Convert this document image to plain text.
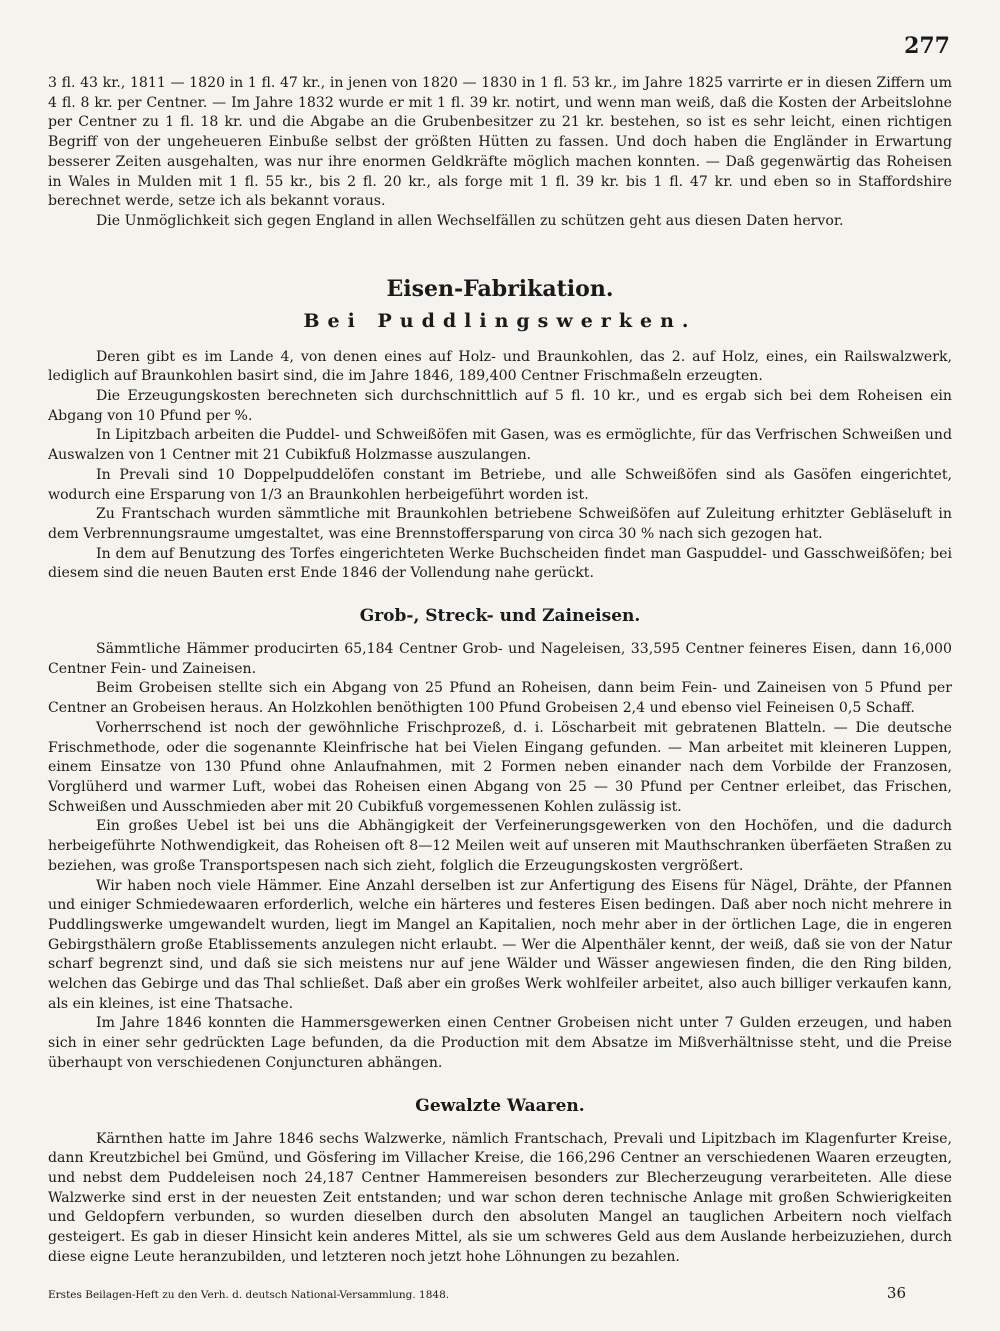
277

3 fl. 43 kr., 1811 — 1820 in 1 fl. 47 kr., in jenen von 1820 — 1830 in 1 fl. 53 kr., im Jahre 1825 varrirte er in diesen Ziffern um 4 fl. 8 kr. per Centner. — Im Jahre 1832 wurde er mit 1 fl. 39 kr. notirt, und wenn man weiß, daß die Kosten der Arbeitslohne per Centner zu 1 fl. 18 kr. und die Abgabe an die Grubenbesitzer zu 21 kr. bestehen, so ist es sehr leicht, einen richtigen Begriff von der ungeheueren Einbuße selbst der größten Hütten zu fassen. Und doch haben die Engländer in Erwartung besserer Zeiten ausgehalten, was nur ihre enormen Geldkräfte möglich machen konnten. — Daß gegenwärtig das Roheisen in Wales in Mulden mit 1 fl. 55 kr., bis 2 fl. 20 kr., als forge mit 1 fl. 39 kr. bis 1 fl. 47 kr. und eben so in Staffordshire berechnet werde, setze ich als bekannt voraus.

Die Unmöglichkeit sich gegen England in allen Wechselfällen zu schützen geht aus diesen Daten hervor.

Eisen-Fabrikation.
Bei Puddlingswerken.

Deren gibt es im Lande 4, von denen eines auf Holz- und Braunkohlen, das 2. auf Holz, eines, ein Railswalzwerk, lediglich auf Braunkohlen basirt sind, die im Jahre 1846, 189,400 Centner Frischmaßeln erzeugten.

Die Erzeugungskosten berechneten sich durchschnittlich auf 5 fl. 10 kr., und es ergab sich bei dem Roheisen ein Abgang von 10 Pfund per %.

In Lipitzbach arbeiten die Puddel- und Schweißöfen mit Gasen, was es ermöglichte, für das Verfrischen Schweißen und Auswalzen von 1 Centner mit 21 Cubikfuß Holzmasse auszulangen.

In Prevali sind 10 Doppelpuddelöfen constant im Betriebe, und alle Schweißöfen sind als Gasöfen eingerichtet, wodurch eine Ersparung von 1/3 an Braunkohlen herbeigeführt worden ist.

Zu Frantschach wurden sämmtliche mit Braunkohlen betriebene Schweißöfen auf Zuleitung erhitzter Gebläseluft in dem Verbrennungsraume umgestaltet, was eine Brennstoffersparung von circa 30 % nach sich gezogen hat.

In dem auf Benutzung des Torfes eingerichteten Werke Buchscheiden findet man Gaspuddel- und Gasschweißöfen; bei diesem sind die neuen Bauten erst Ende 1846 der Vollendung nahe gerückt.

Grob-, Streck- und Zaineisen.

Sämmtliche Hämmer producirten 65,184 Centner Grob- und Nageleisen, 33,595 Centner feineres Eisen, dann 16,000 Centner Fein- und Zaineisen.

Beim Grobeisen stellte sich ein Abgang von 25 Pfund an Roheisen, dann beim Fein- und Zaineisen von 5 Pfund per Centner an Grobeisen heraus. An Holzkohlen benöthigten 100 Pfund Grobeisen 2,4 und ebenso viel Feineisen 0,5 Schaff.

Vorherrschend ist noch der gewöhnliche Frischprozeß, d. i. Löscharbeit mit gebratenen Blatteln. — Die deutsche Frischmethode, oder die sogenannte Kleinfrische hat bei Vielen Eingang gefunden. — Man arbeitet mit kleineren Luppen, einem Einsatze von 130 Pfund ohne Anlaufnahmen, mit 2 Formen neben einander nach dem Vorbilde der Franzosen, Vorglüherd und warmer Luft, wobei das Roheisen einen Abgang von 25 — 30 Pfund per Centner erleibet, das Frischen, Schweißen und Ausschmieden aber mit 20 Cubikfuß vorgemessenen Kohlen zulässig ist.

Ein großes Uebel ist bei uns die Abhängigkeit der Verfeinerungsgewerken von den Hochöfen, und die dadurch herbeigeführte Nothwendigkeit, das Roheisen oft 8—12 Meilen weit auf unseren mit Mauthschranken überfäeten Straßen zu beziehen, was große Transportspesen nach sich zieht, folglich die Erzeugungskosten vergrößert.

Wir haben noch viele Hämmer. Eine Anzahl derselben ist zur Anfertigung des Eisens für Nägel, Drähte, der Pfannen und einiger Schmiedewaaren erforderlich, welche ein härteres und festeres Eisen bedingen. Daß aber noch nicht mehrere in Puddlingswerke umgewandelt wurden, liegt im Mangel an Kapitalien, noch mehr aber in der örtlichen Lage, die in engeren Gebirgsthälern große Etablissements anzulegen nicht erlaubt. — Wer die Alpenthäler kennt, der weiß, daß sie von der Natur scharf begrenzt sind, und daß sie sich meistens nur auf jene Wälder und Wässer angewiesen finden, die den Ring bilden, welchen das Gebirge und das Thal schließet. Daß aber ein großes Werk wohlfeiler arbeitet, also auch billiger verkaufen kann, als ein kleines, ist eine Thatsache.

Im Jahre 1846 konnten die Hammersgewerken einen Centner Grobeisen nicht unter 7 Gulden erzeugen, und haben sich in einer sehr gedrückten Lage befunden, da die Production mit dem Absatze im Mißverhältnisse steht, und die Preise überhaupt von verschiedenen Conjuncturen abhängen.

Gewalzte Waaren.

Kärnthen hatte im Jahre 1846 sechs Walzwerke, nämlich Frantschach, Prevali und Lipitzbach im Klagenfurter Kreise, dann Kreutzbichel bei Gmünd, und Gösfering im Villacher Kreise, die 166,296 Centner an verschiedenen Waaren erzeugten, und nebst dem Puddeleisen noch 24,187 Centner Hammereisen besonders zur Blecherzeugung verarbeiteten. Alle diese Walzwerke sind erst in der neuesten Zeit entstanden; und war schon deren technische Anlage mit großen Schwierigkeiten und Geldopfern verbunden, so wurden dieselben durch den absoluten Mangel an tauglichen Arbeitern noch vielfach gesteigert. Es gab in dieser Hinsicht kein anderes Mittel, als sie um schweres Geld aus dem Auslande herbeizuziehen, durch diese eigne Leute heranzubilden, und letzteren noch jetzt hohe Löhnungen zu bezahlen.

Erstes Beilagen-Heft zu den Verh. d. deutsch National-Versammlung. 1848.	36
